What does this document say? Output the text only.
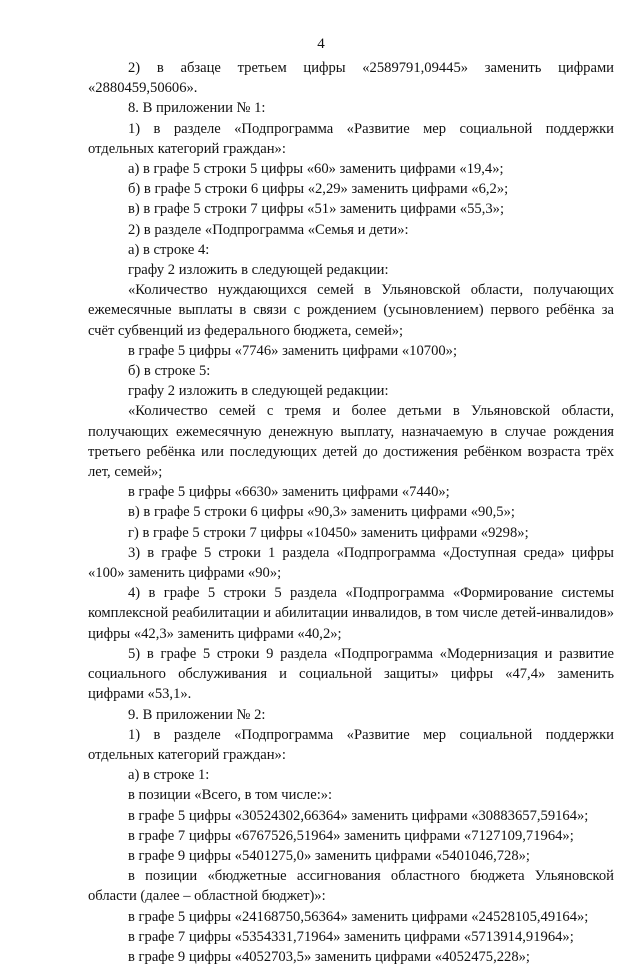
4

2) в абзаце третьем цифры «2589791,09445» заменить цифрами «2880459,50606».

8. В приложении № 1:

1) в разделе «Подпрограмма «Развитие мер социальной поддержки отдельных категорий граждан»:

а) в графе 5 строки 5 цифры «60» заменить цифрами «19,4»;

б) в графе 5 строки 6 цифры «2,29» заменить цифрами «6,2»;

в) в графе 5 строки 7 цифры «51» заменить цифрами «55,3»;

2) в разделе «Подпрограмма «Семья и дети»:

а) в строке 4:

графу 2 изложить в следующей редакции:

«Количество нуждающихся семей в Ульяновской области, получающих ежемесячные выплаты в связи с рождением (усыновлением) первого ребёнка за счёт субвенций из федерального бюджета, семей»;

в графе 5 цифры «7746» заменить цифрами «10700»;

б) в строке 5:

графу 2 изложить в следующей редакции:

«Количество семей с тремя и более детьми в Ульяновской области, получающих ежемесячную денежную выплату, назначаемую в случае рождения третьего ребёнка или последующих детей до достижения ребёнком возраста трёх лет, семей»;

в графе 5 цифры «6630» заменить цифрами «7440»;

в) в графе 5 строки 6 цифры «90,3» заменить цифрами «90,5»;

г) в графе 5 строки 7 цифры «10450» заменить цифрами «9298»;

3) в графе 5 строки 1 раздела «Подпрограмма «Доступная среда» цифры «100» заменить цифрами «90»;

4) в графе 5 строки 5 раздела «Подпрограмма «Формирование системы комплексной реабилитации и абилитации инвалидов, в том числе детей-инвалидов» цифры «42,3» заменить цифрами «40,2»;

5) в графе 5 строки 9 раздела «Подпрограмма «Модернизация и развитие социального обслуживания и социальной защиты» цифры «47,4» заменить цифрами «53,1».

9. В приложении № 2:

1) в разделе «Подпрограмма «Развитие мер социальной поддержки отдельных категорий граждан»:

а) в строке 1:

в позиции «Всего, в том числе:»:

в графе 5 цифры «30524302,66364» заменить цифрами «30883657,59164»;

в графе 7 цифры «6767526,51964» заменить цифрами «7127109,71964»;

в графе 9 цифры «5401275,0» заменить цифрами «5401046,728»;

в позиции «бюджетные ассигнования областного бюджета Ульяновской области (далее – областной бюджет)»:

в графе 5 цифры «24168750,56364» заменить цифрами «24528105,49164»;

в графе 7 цифры «5354331,71964» заменить цифрами «5713914,91964»;

в графе 9 цифры «4052703,5» заменить цифрами «4052475,228»;
